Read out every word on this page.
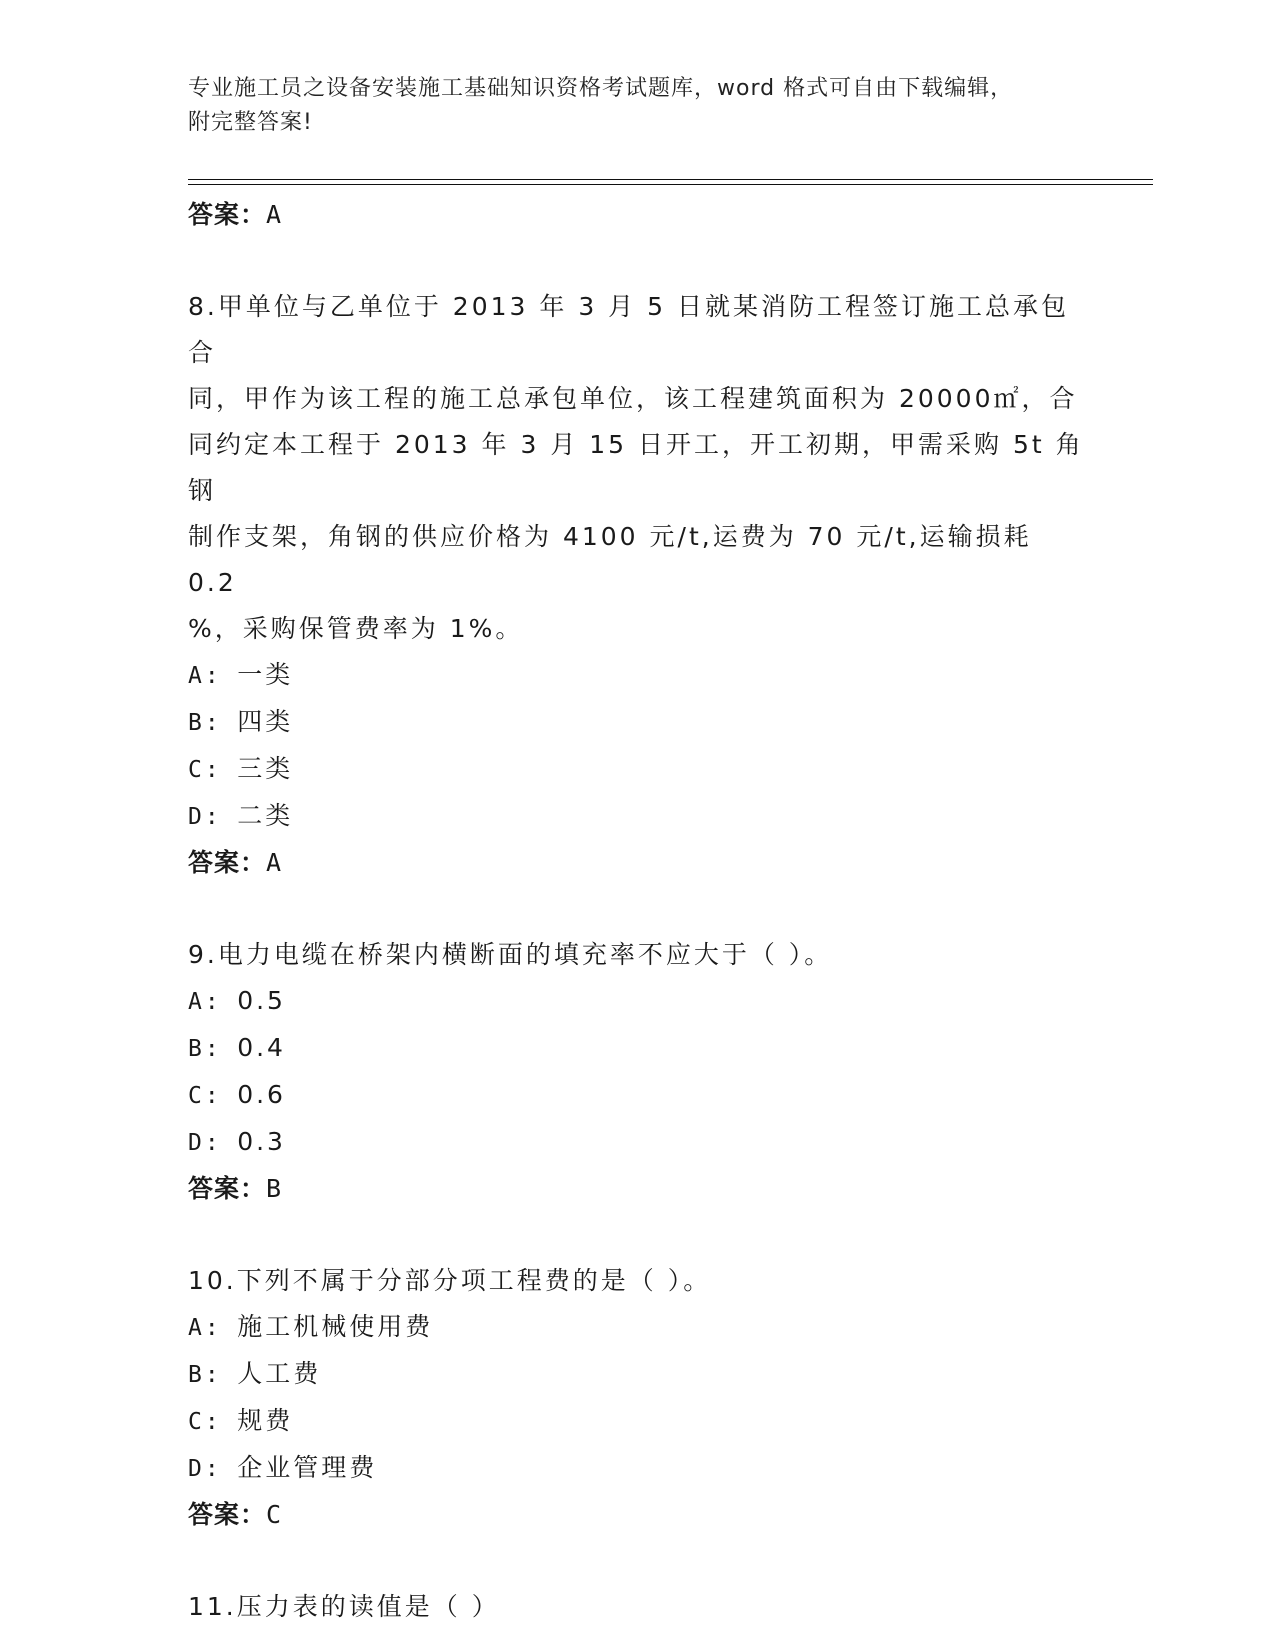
专业施工员之设备安装施工基础知识资格考试题库，word 格式可自由下载编辑，
附完整答案!

答案：A

8.甲单位与乙单位于 2013 年 3 月 5 日就某消防工程签订施工总承包合

同，甲作为该工程的施工总承包单位，该工程建筑面积为 20000㎡，合

同约定本工程于 2013 年 3 月 15 日开工，开工初期，甲需采购 5t 角钢

制作支架，角钢的供应价格为 4100 元/t,运费为 70 元/t,运输损耗 0.2

%，采购保管费率为 1%。

A:  一类

B:  四类

C:  三类

D:  二类

答案：A

9.电力电缆在桥架内横断面的填充率不应大于（ ）。

A:  0.5

B:  0.4

C:  0.6

D:  0.3

答案：B

10.下列不属于分部分项工程费的是（ ）。

A:  施工机械使用费

B:  人工费

C:  规费

D:  企业管理费

答案：C

11.压力表的读值是（ ）
